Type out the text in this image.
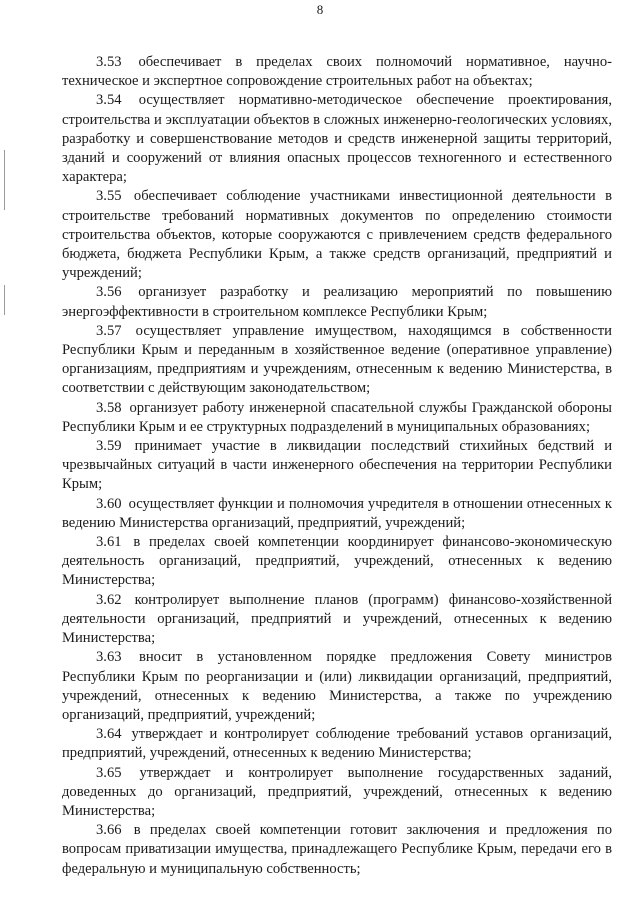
8

3.53 обеспечивает в пределах своих полномочий нормативное, научно-техническое и экспертное сопровождение строительных работ на объектах;

3.54 осуществляет нормативно-методическое обеспечение проектирования, строительства и эксплуатации объектов в сложных инженерно-геологических условиях, разработку и совершенствование методов и средств инженерной защиты территорий, зданий и сооружений от влияния опасных процессов техногенного и естественного характера;

3.55 обеспечивает соблюдение участниками инвестиционной деятельности в строительстве требований нормативных документов по определению стоимости строительства объектов, которые сооружаются с привлечением средств федерального бюджета, бюджета Республики Крым, а также средств организаций, предприятий и учреждений;

3.56 организует разработку и реализацию мероприятий по повышению энергоэффективности в строительном комплексе Республики Крым;

3.57 осуществляет управление имуществом, находящимся в собственности Республики Крым и переданным в хозяйственное ведение (оперативное управление) организациям, предприятиям и учреждениям, отнесенным к ведению Министерства, в соответствии с действующим законодательством;

3.58 организует работу инженерной спасательной службы Гражданской обороны Республики Крым и ее структурных подразделений в муниципальных образованиях;

3.59 принимает участие в ликвидации последствий стихийных бедствий и чрезвычайных ситуаций в части инженерного обеспечения на территории Республики Крым;

3.60 осуществляет функции и полномочия учредителя в отношении отнесенных к ведению Министерства организаций, предприятий, учреждений;

3.61 в пределах своей компетенции координирует финансово-экономическую деятельность организаций, предприятий, учреждений, отнесенных к ведению Министерства;

3.62 контролирует выполнение планов (программ) финансово-хозяйственной деятельности организаций, предприятий и учреждений, отнесенных к ведению Министерства;

3.63 вносит в установленном порядке предложения Совету министров Республики Крым по реорганизации и (или) ликвидации организаций, предприятий, учреждений, отнесенных к ведению Министерства, а также по учреждению организаций, предприятий, учреждений;

3.64 утверждает и контролирует соблюдение требований уставов организаций, предприятий, учреждений, отнесенных к ведению Министерства;

3.65 утверждает и контролирует выполнение государственных заданий, доведенных до организаций, предприятий, учреждений, отнесенных к ведению Министерства;

3.66 в пределах своей компетенции готовит заключения и предложения по вопросам приватизации имущества, принадлежащего Республике Крым, передачи его в федеральную и муниципальную собственность;
